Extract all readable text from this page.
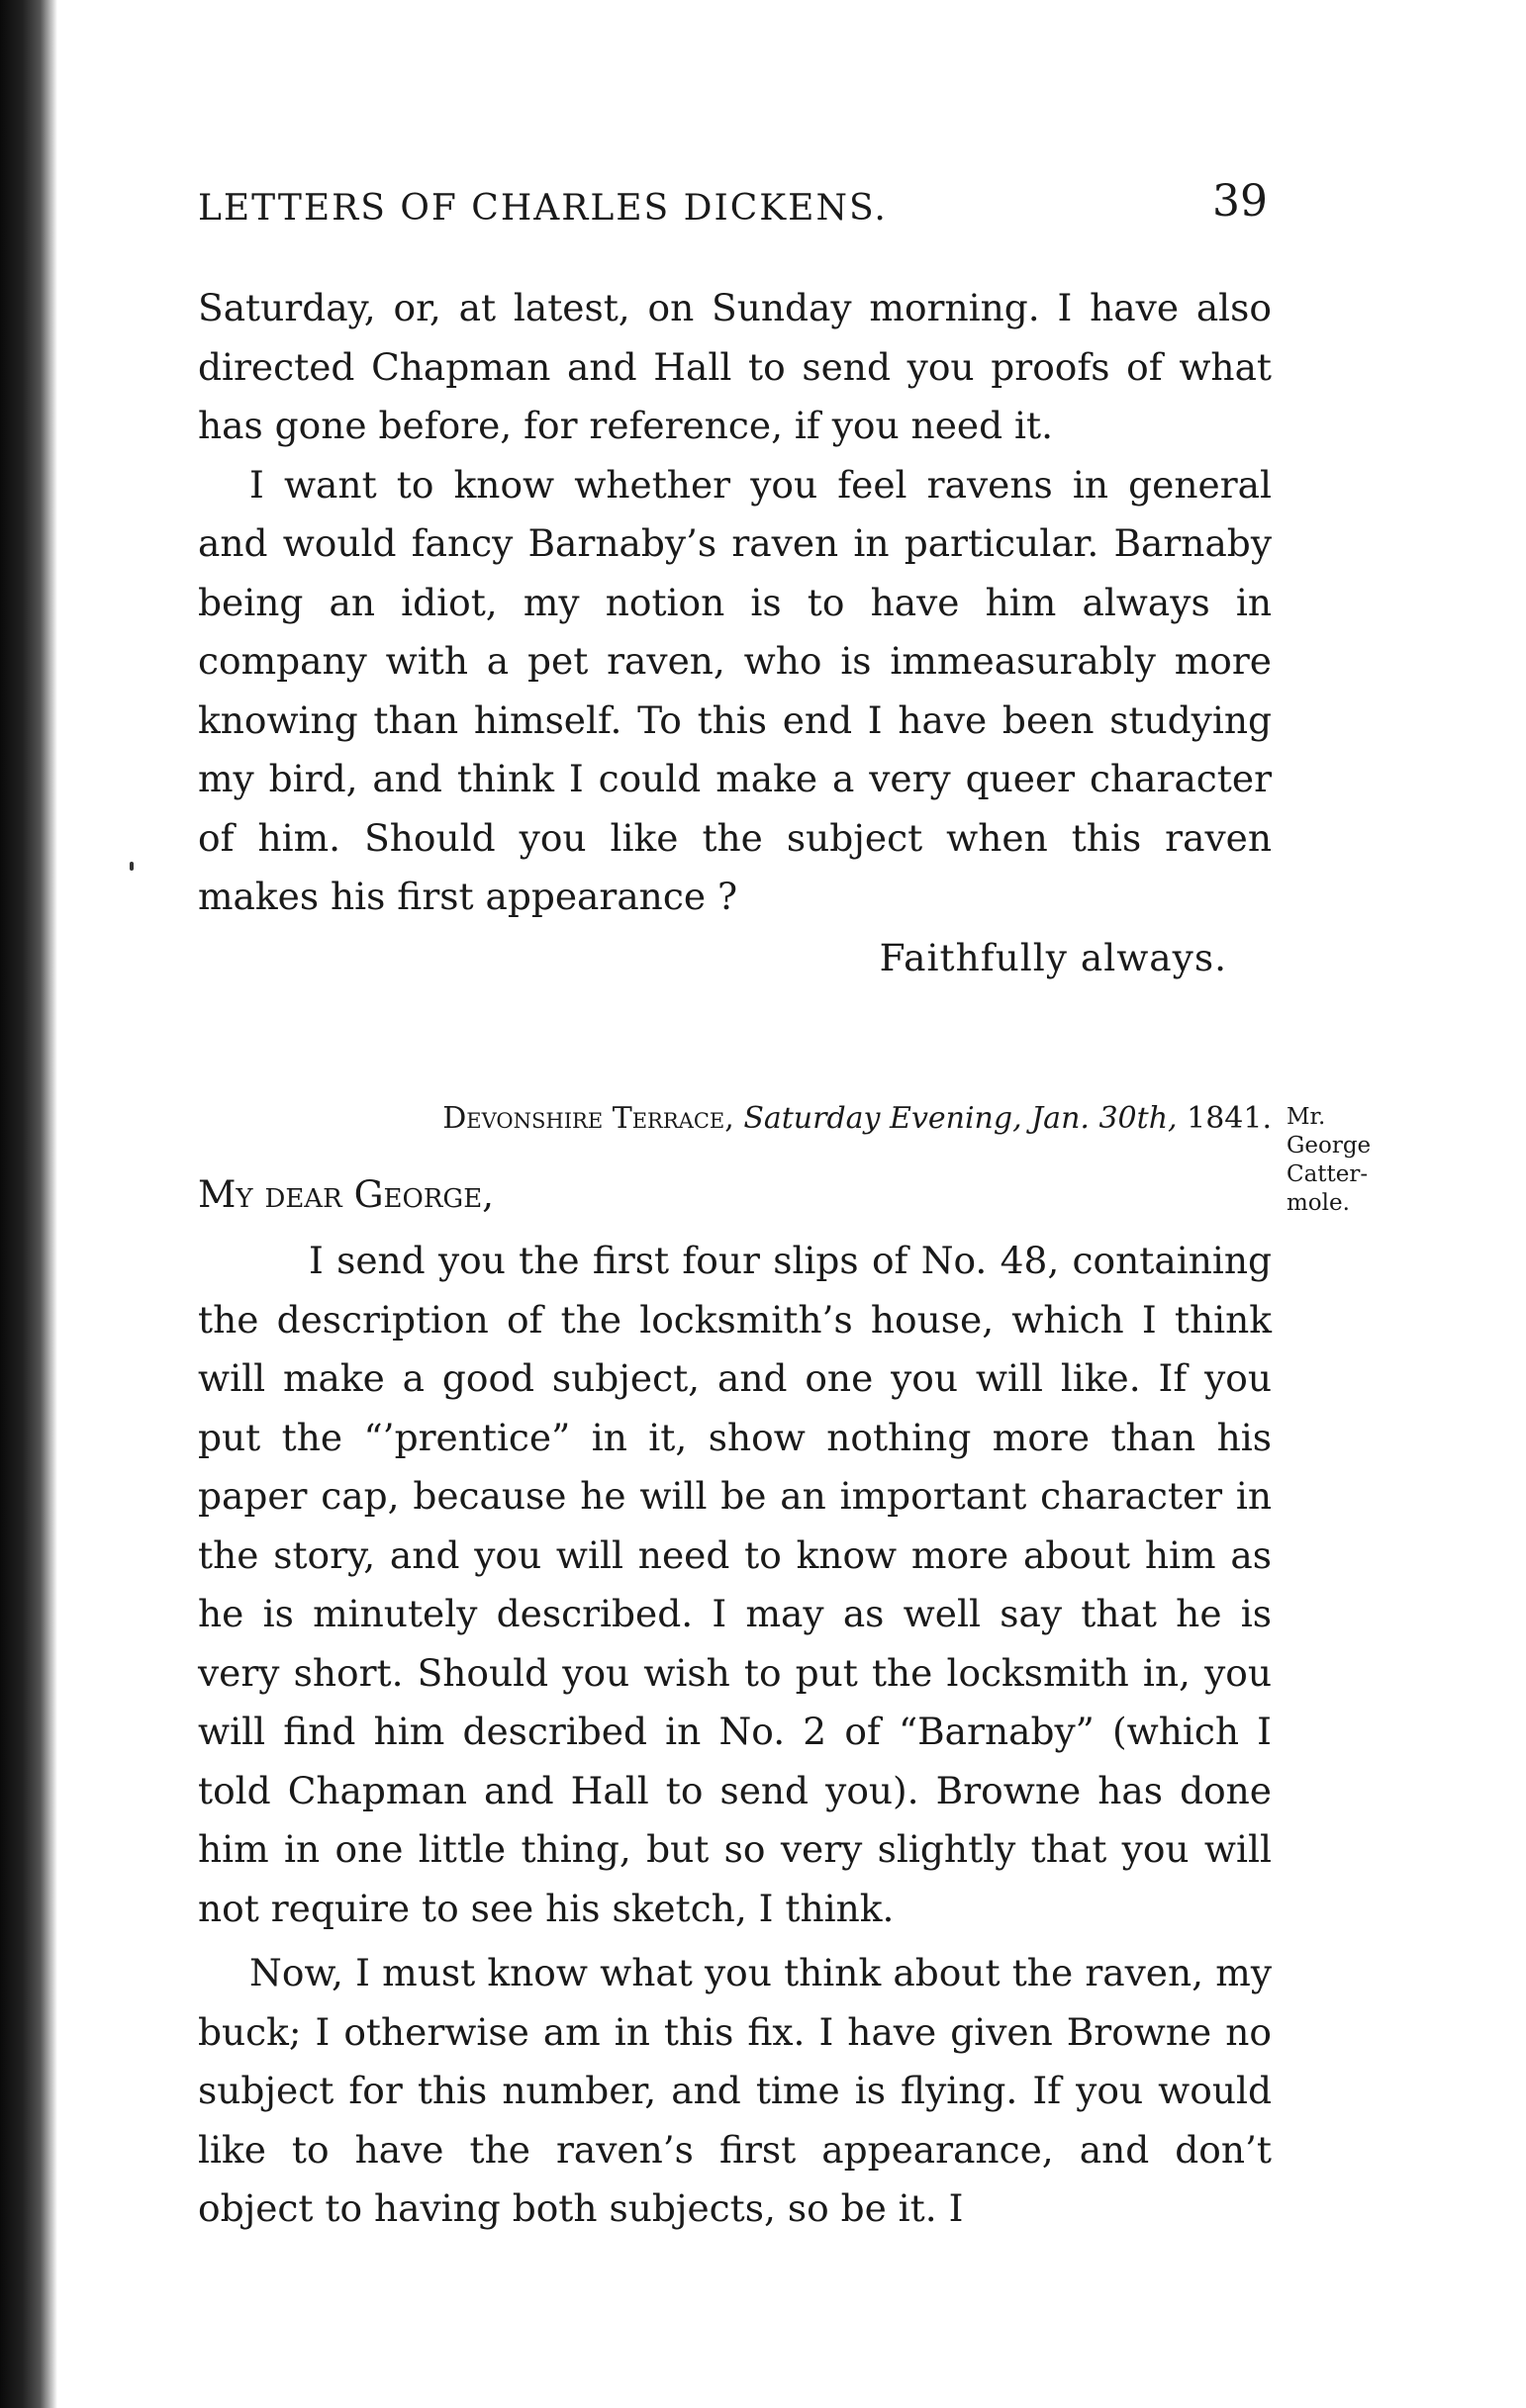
LETTERS OF CHARLES DICKENS.	39

Saturday, or, at latest, on Sunday morning. I have also directed Chapman and Hall to send you proofs of what has gone before, for reference, if you need it.

I want to know whether you feel ravens in general and would fancy Barnaby’s raven in particular. Barnaby being an idiot, my notion is to have him always in company with a pet raven, who is immeasurably more knowing than himself. To this end I have been studying my bird, and think I could make a very queer character of him. Should you like the subject when this raven makes his first appearance ?

Faithfully always.
Devonshire Terrace, Saturday Evening, Jan. 30th, 1841. Mr.
George
Catter-
mole.
My dear George,

I send you the first four slips of No. 48, containing the description of the locksmith’s house, which I think will make a good subject, and one you will like. If you put the “’prentice” in it, show nothing more than his paper cap, because he will be an important character in the story, and you will need to know more about him as he is minutely described. I may as well say that he is very short. Should you wish to put the locksmith in, you will find him described in No. 2 of “Barnaby” (which I told Chapman and Hall to send you). Browne has done him in one little thing, but so very slightly that you will not require to see his sketch, I think.

Now, I must know what you think about the raven, my buck; I otherwise am in this fix. I have given Browne no subject for this number, and time is flying. If you would like to have the raven’s first appearance, and don’t object to having both subjects, so be it. I
